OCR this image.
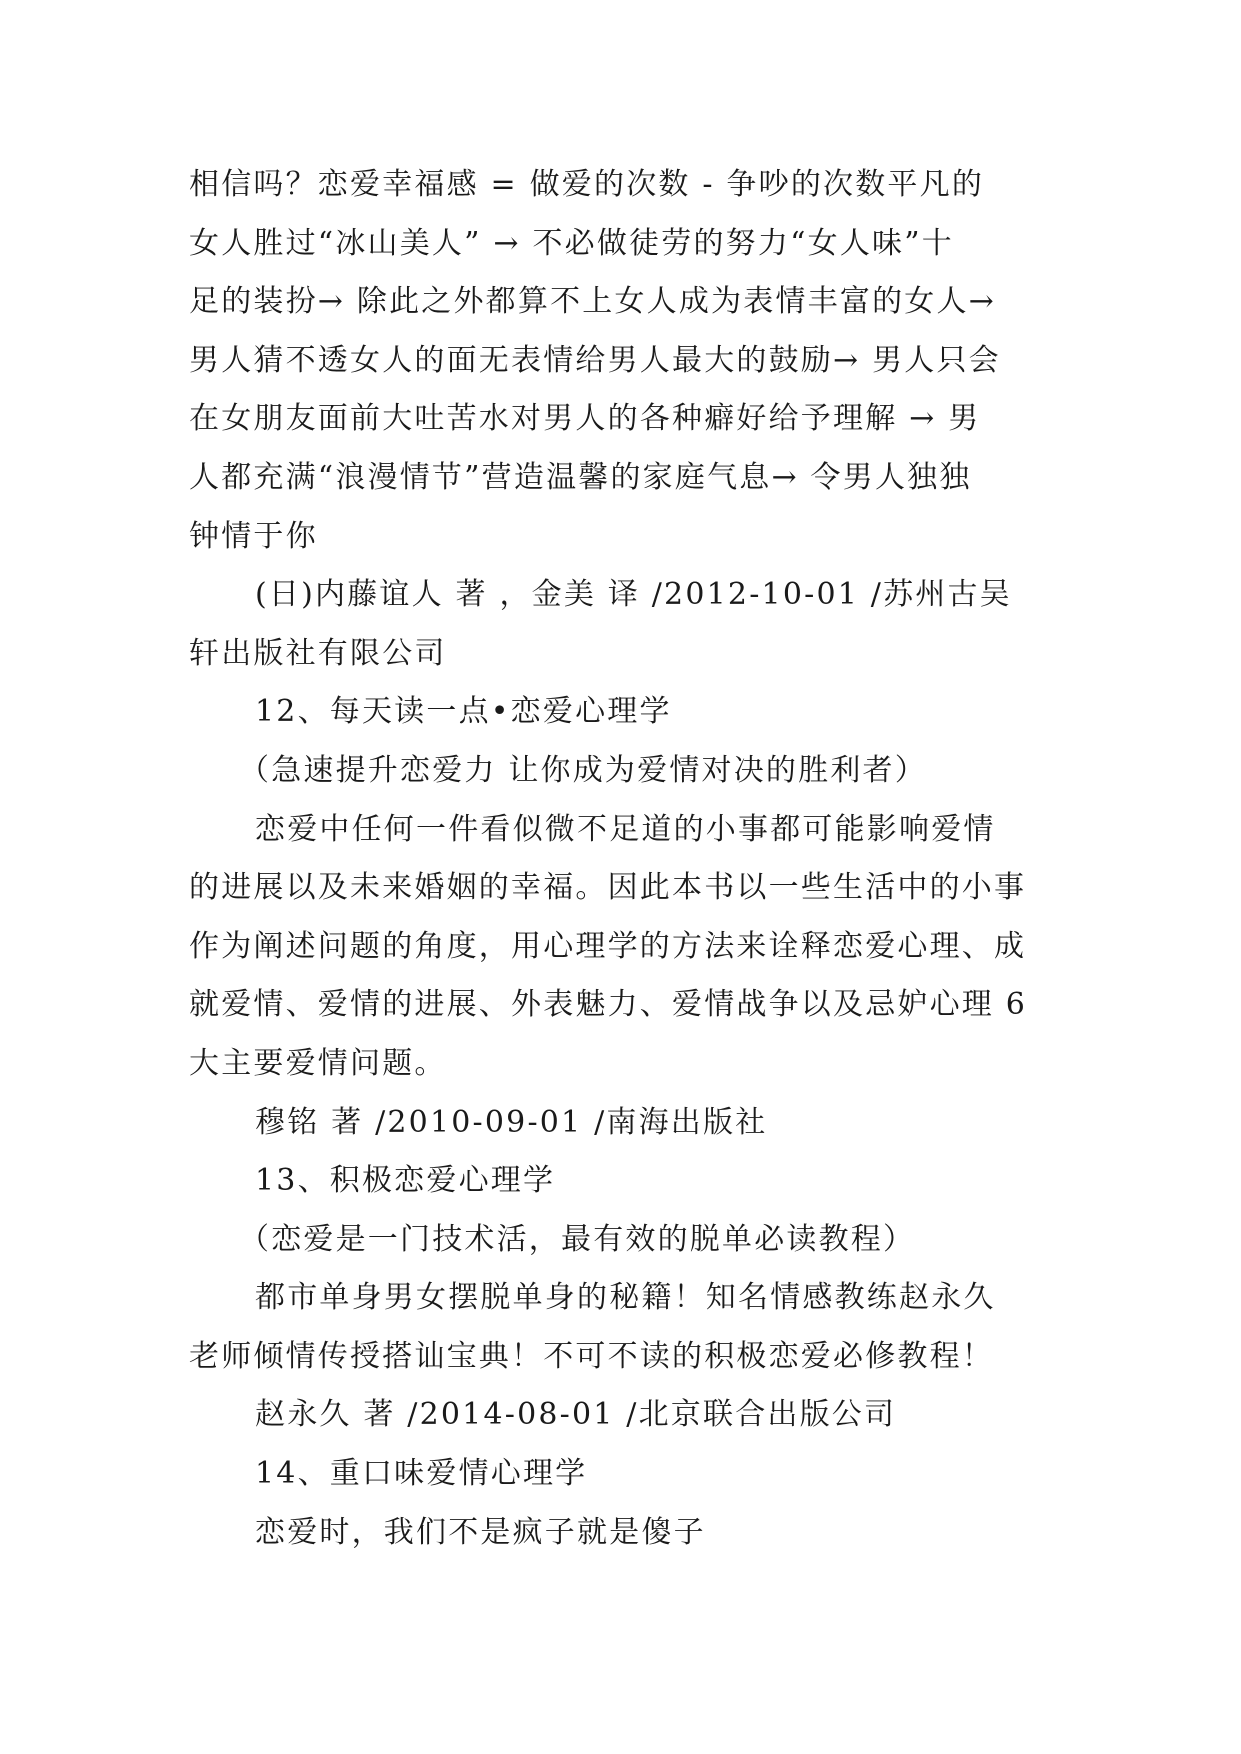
相信吗？恋爱幸福感 = 做爱的次数 - 争吵的次数平凡的
女人胜过“冰山美人” → 不必做徒劳的努力“女人味”十
足的装扮→ 除此之外都算不上女人成为表情丰富的女人→
男人猜不透女人的面无表情给男人最大的鼓励→ 男人只会
在女朋友面前大吐苦水对男人的各种癖好给予理解 → 男
人都充满“浪漫情节”营造温馨的家庭气息→ 令男人独独
钟情于你
(日)内藤谊人 著 ，金美 译 /2012-10-01 /苏州古吴
轩出版社有限公司
12、每天读一点•恋爱心理学
（急速提升恋爱力 让你成为爱情对决的胜利者）
恋爱中任何一件看似微不足道的小事都可能影响爱情
的进展以及未来婚姻的幸福。因此本书以一些生活中的小事
作为阐述问题的角度，用心理学的方法来诠释恋爱心理、成
就爱情、爱情的进展、外表魅力、爱情战争以及忌妒心理 6
大主要爱情问题。
穆铭 著 /2010-09-01 /南海出版社
13、积极恋爱心理学
（恋爱是一门技术活，最有效的脱单必读教程）
都市单身男女摆脱单身的秘籍！知名情感教练赵永久
老师倾情传授搭讪宝典！不可不读的积极恋爱必修教程！
赵永久 著 /2014-08-01 /北京联合出版公司
14、重口味爱情心理学
恋爱时，我们不是疯子就是傻子
